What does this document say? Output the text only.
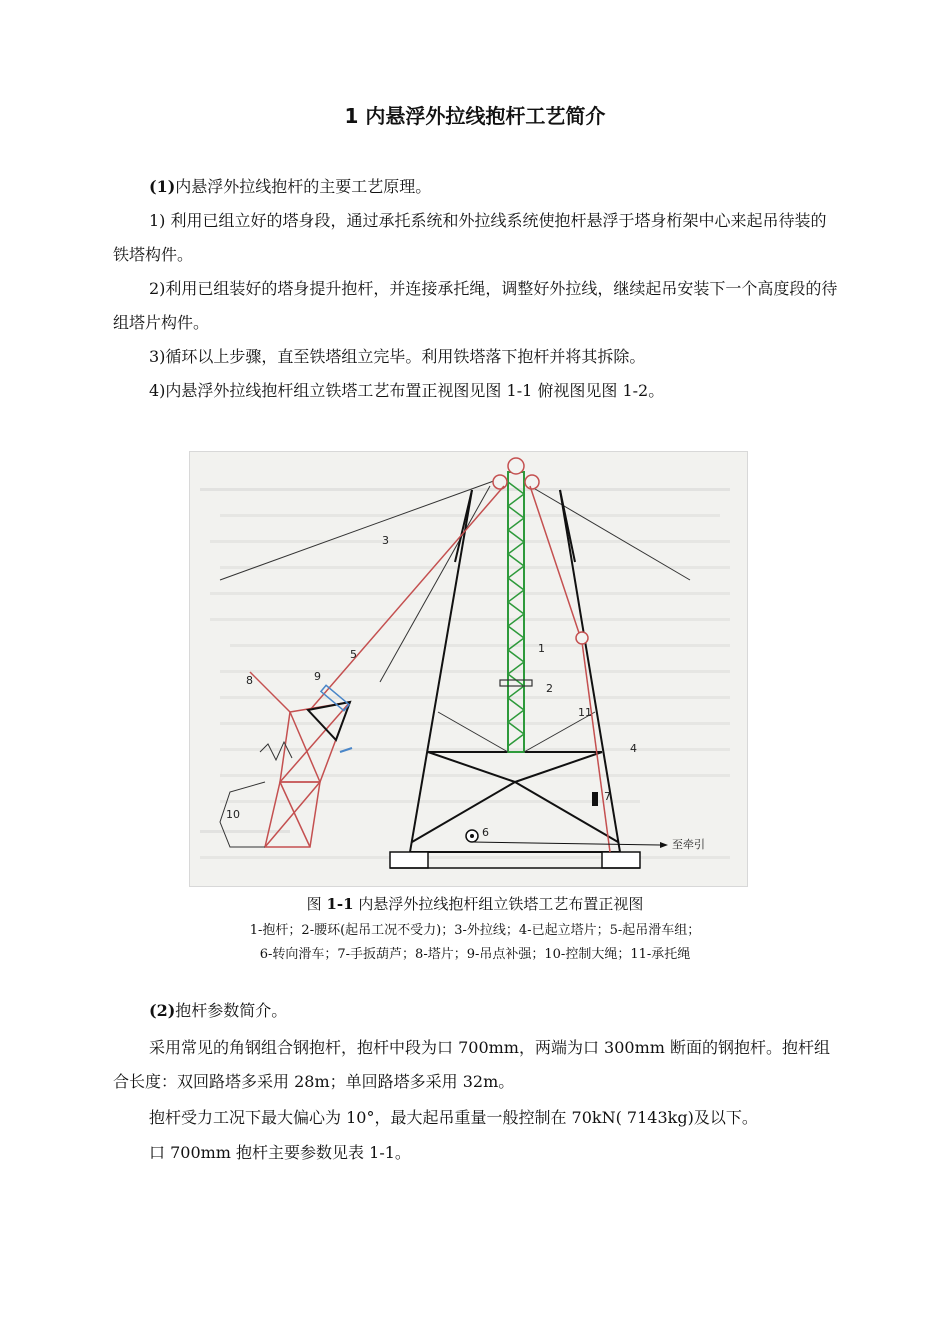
1 内悬浮外拉线抱杆工艺简介

(1)内悬浮外拉线抱杆的主要工艺原理。

1) 利用已组立好的塔身段，通过承托系统和外拉线系统使抱杆悬浮于塔身桁架中心来起吊待装的铁塔构件。

2)利用已组装好的塔身提升抱杆，并连接承托绳，调整好外拉线，继续起吊安装下一个高度段的待组塔片构件。

3)循环以上步骤，直至铁塔组立完毕。利用铁塔落下抱杆并将其拆除。

4)内悬浮外拉线抱杆组立铁塔工艺布置正视图见图 1-1 俯视图见图 1-2。

1
2
3
4
5
6
7
8	9
10
11
至牵引
图 1-1 内悬浮外拉线抱杆组立铁塔工艺布置正视图
1-抱杆；2-腰环(起吊工况不受力)；3-外拉线；4-已起立塔片；5-起吊滑车组；
6-转向滑车；7-手扳葫芦；8-塔片；9-吊点补强；10-控制大绳；11-承托绳

(2)抱杆参数简介。

采用常见的角钢组合钢抱杆，抱杆中段为口 700mm，两端为口 300mm 断面的钢抱杆。抱杆组合长度：双回路塔多采用 28m；单回路塔多采用 32m。

抱杆受力工况下最大偏心为 10°，最大起吊重量一般控制在 70kN( 7143kg)及以下。

口 700mm 抱杆主要参数见表 1-1。
